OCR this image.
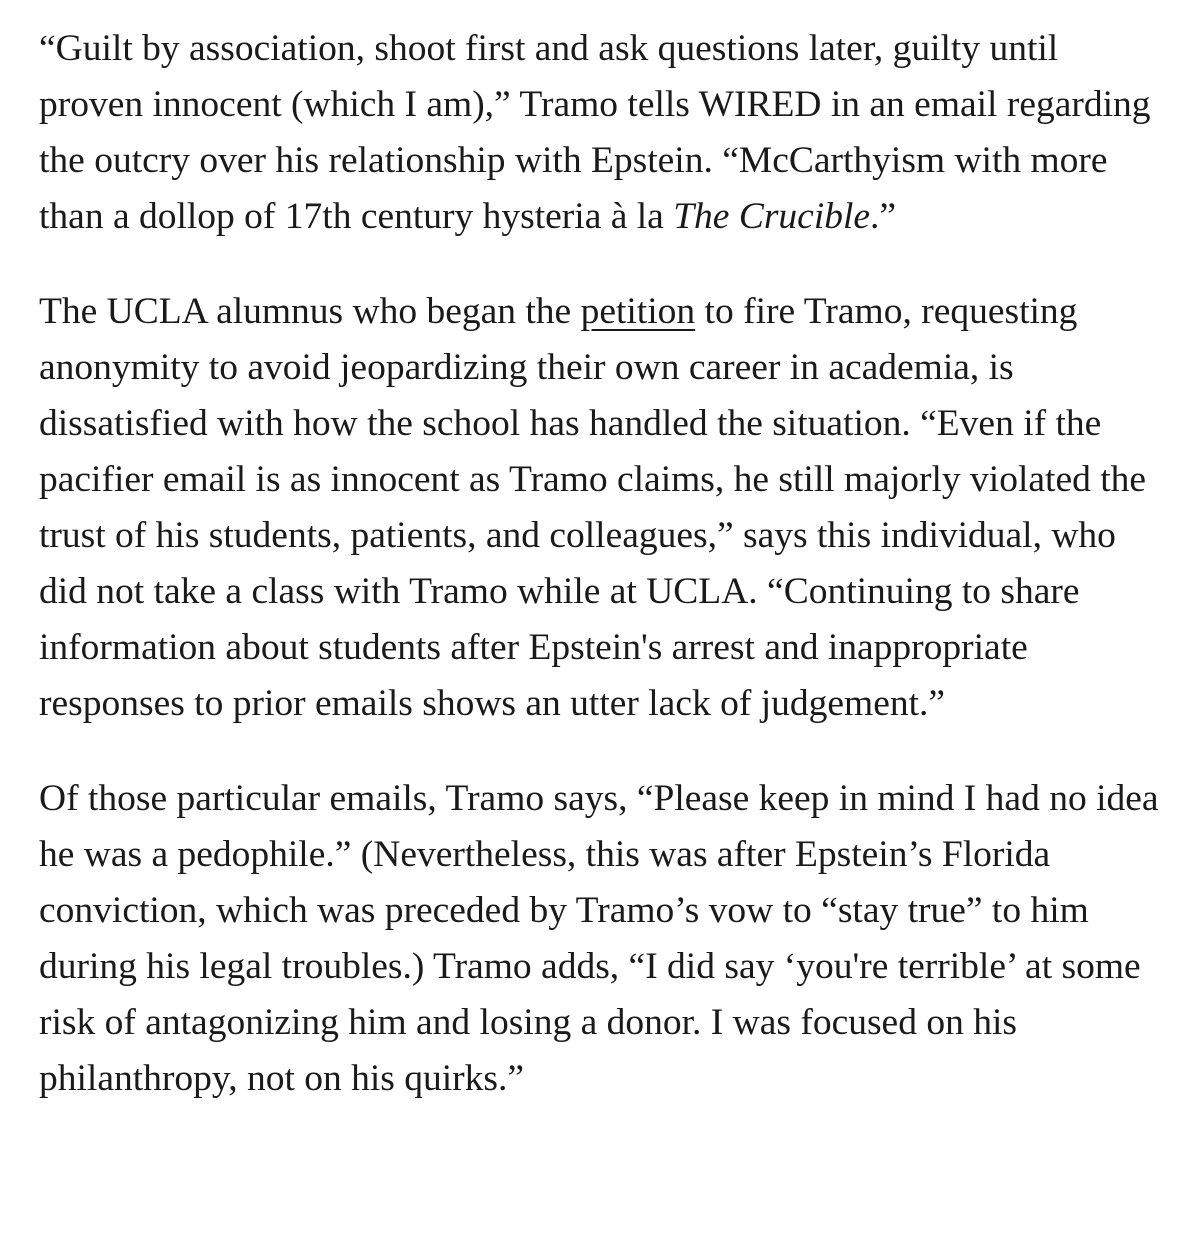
“Guilt by association, shoot first and ask questions later, guilty until proven innocent (which I am),” Tramo tells WIRED in an email regarding the outcry over his relationship with Epstein. “McCarthyism with more than a dollop of 17th century hysteria à la The Crucible.”

The UCLA alumnus who began the petition to fire Tramo, requesting anonymity to avoid jeopardizing their own career in academia, is dissatisfied with how the school has handled the situation. “Even if the pacifier email is as innocent as Tramo claims, he still majorly violated the trust of his students, patients, and colleagues,” says this individual, who did not take a class with Tramo while at UCLA. “Continuing to share information about students after Epstein's arrest and inappropriate responses to prior emails shows an utter lack of judgement.”

Of those particular emails, Tramo says, “Please keep in mind I had no idea he was a pedophile.” (Nevertheless, this was after Epstein’s Florida conviction, which was preceded by Tramo’s vow to “stay true” to him during his legal troubles.) Tramo adds, “I did say ‘you're terrible’ at some risk of antagonizing him and losing a donor. I was focused on his philanthropy, not on his quirks.”
